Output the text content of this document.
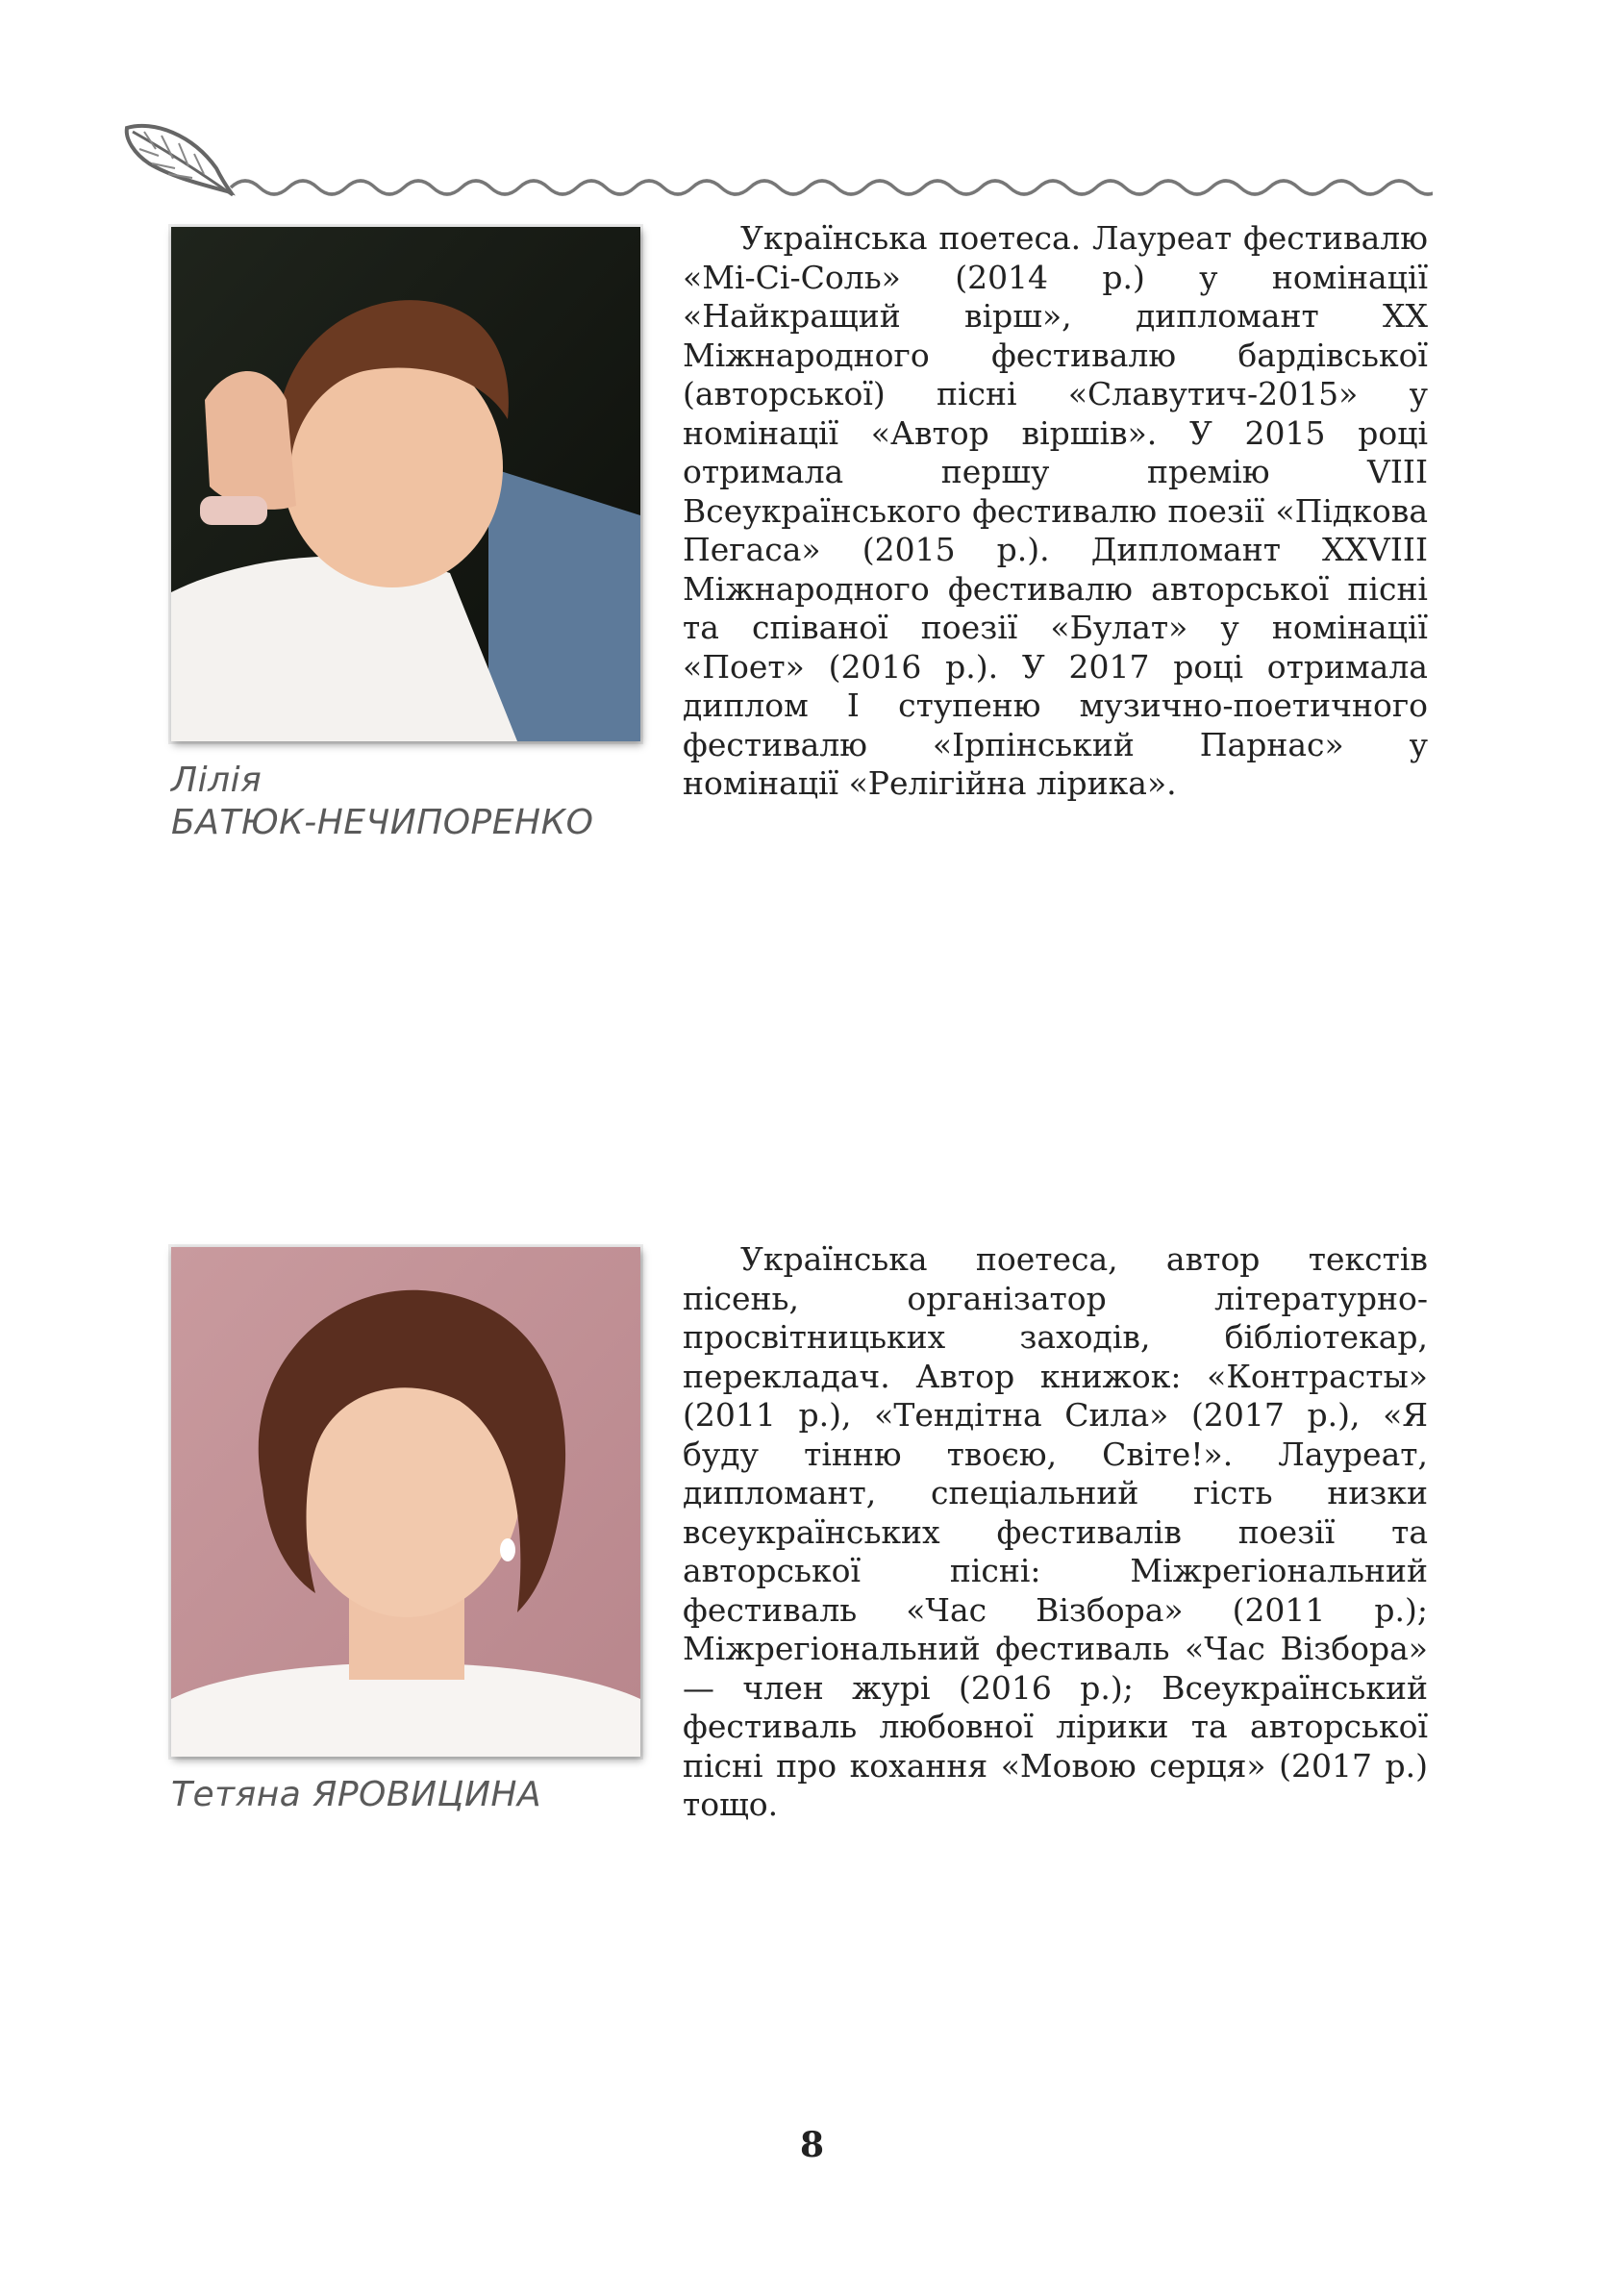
Лілія
БАТЮК-НЕЧИПОРЕНКО

Українська поетеса. Лауреат фестивалю «Мі-Сі-Соль» (2014 р.) у номінації «Найкращий вірш», дипломант XX Міжнародного фестивалю бардівської (авторської) пісні «Славутич-2015» у номінації «Автор віршів». У 2015 році отримала першу премію VIII Всеукраїнського фестивалю поезії «Підкова Пегаса» (2015 р.). Дипломант XXVIII Міжнародного фестивалю авторської пісні та співаної поезії «Булат» у номінації «Поет» (2016 р.). У 2017 році отримала диплом І ступеню музично-поетичного фестивалю «Ірпінський Парнас» у номінації «Релігійна лірика».

Тетяна ЯРОВИЦИНА

Українська поетеса, автор текстів пісень, організатор літературно-просвітницьких заходів, бібліотекар, перекладач. Автор книжок: «Контрасты» (2011 р.), «Тендітна Сила» (2017 р.), «Я буду тінню твоєю, Світе!». Лауреат, дипломант, спеціальний гість низки всеукраїнських фестивалів поезії та авторської пісні: Міжрегіональний фестиваль «Час Візбора» (2011 р.); Міжрегіональний фестиваль «Час Візбора» — член журі (2016 р.); Всеукраїнський фестиваль любовної лірики та авторської пісні про кохання «Мовою серця» (2017 р.) тощо.

8
